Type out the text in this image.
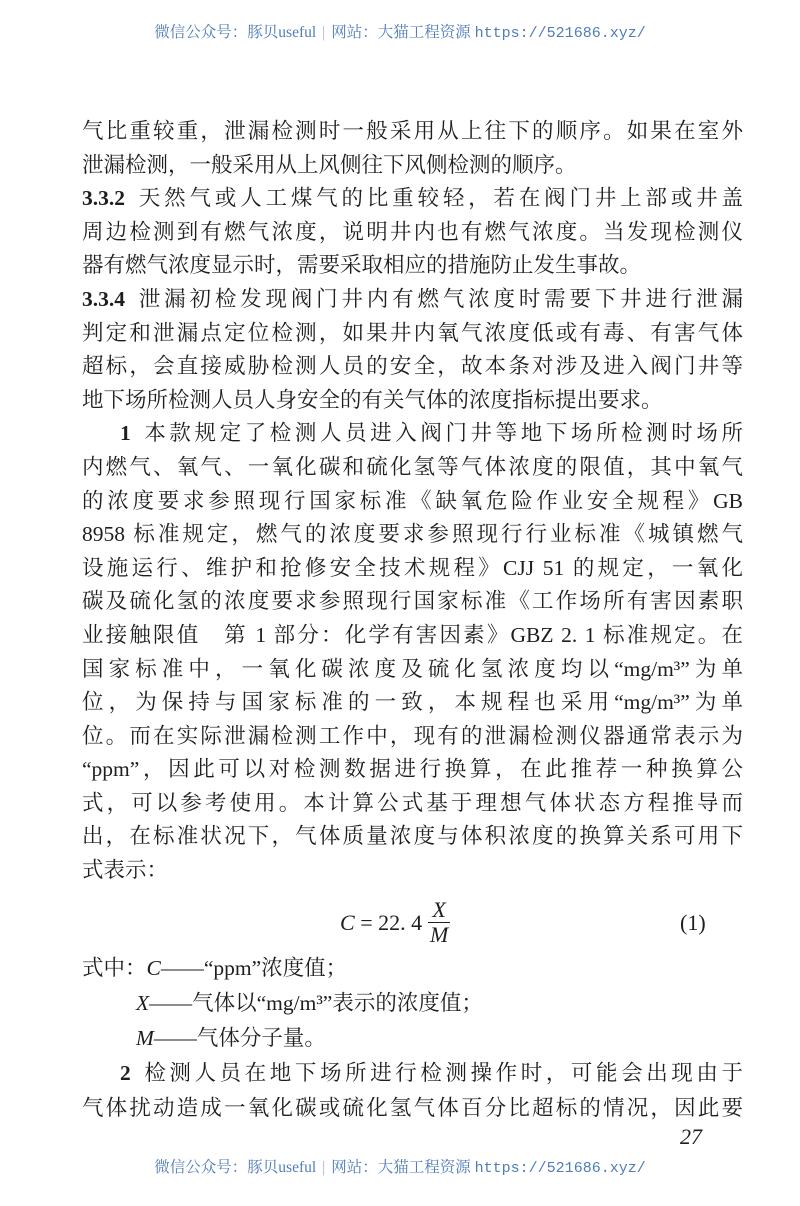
微信公众号：豚贝useful | 网站：大猫工程资源 https://521686.xyz/
气比重较重，泄漏检测时一般采用从上往下的顺序。如果在室外
泄漏检测，一般采用从上风侧往下风侧检测的顺序。
3.3.2 天然气或人工煤气的比重较轻，若在阀门井上部或井盖
周边检测到有燃气浓度，说明井内也有燃气浓度。当发现检测仪
器有燃气浓度显示时，需要采取相应的措施防止发生事故。
3.3.4 泄漏初检发现阀门井内有燃气浓度时需要下井进行泄漏
判定和泄漏点定位检测，如果井内氧气浓度低或有毒、有害气体
超标，会直接威胁检测人员的安全，故本条对涉及进入阀门井等
地下场所检测人员人身安全的有关气体的浓度指标提出要求。
1 本款规定了检测人员进入阀门井等地下场所检测时场所
内燃气、氧气、一氧化碳和硫化氢等气体浓度的限值，其中氧气
的浓度要求参照现行国家标准《缺氧危险作业安全规程》GB
8958 标准规定，燃气的浓度要求参照现行行业标准《城镇燃气
设施运行、维护和抢修安全技术规程》CJJ 51 的规定，一氧化
碳及硫化氢的浓度要求参照现行国家标准《工作场所有害因素职
业接触限值　第 1 部分：化学有害因素》GBZ 2. 1 标准规定。在
国家标准中，一氧化碳浓度及硫化氢浓度均以“mg/m³”为单
位，为保持与国家标准的一致，本规程也采用“mg/m³”为单
位。而在实际泄漏检测工作中，现有的泄漏检测仪器通常表示为
“ppm”，因此可以对检测数据进行换算，在此推荐一种换算公
式，可以参考使用。本计算公式基于理想气体状态方程推导而
出，在标准状况下，气体质量浓度与体积浓度的换算关系可用下
式表示：
C
= 22. $4 \frac{X}{M}$	(1)
式中：C——“ppm”浓度值；
X——气体以“mg/m³”表示的浓度值；
M——气体分子量。
2 检测人员在地下场所进行检测操作时，可能会出现由于
气体扰动造成一氧化碳或硫化氢气体百分比超标的情况，因此要
27
微信公众号：豚贝useful | 网站：大猫工程资源 https://521686.xyz/
